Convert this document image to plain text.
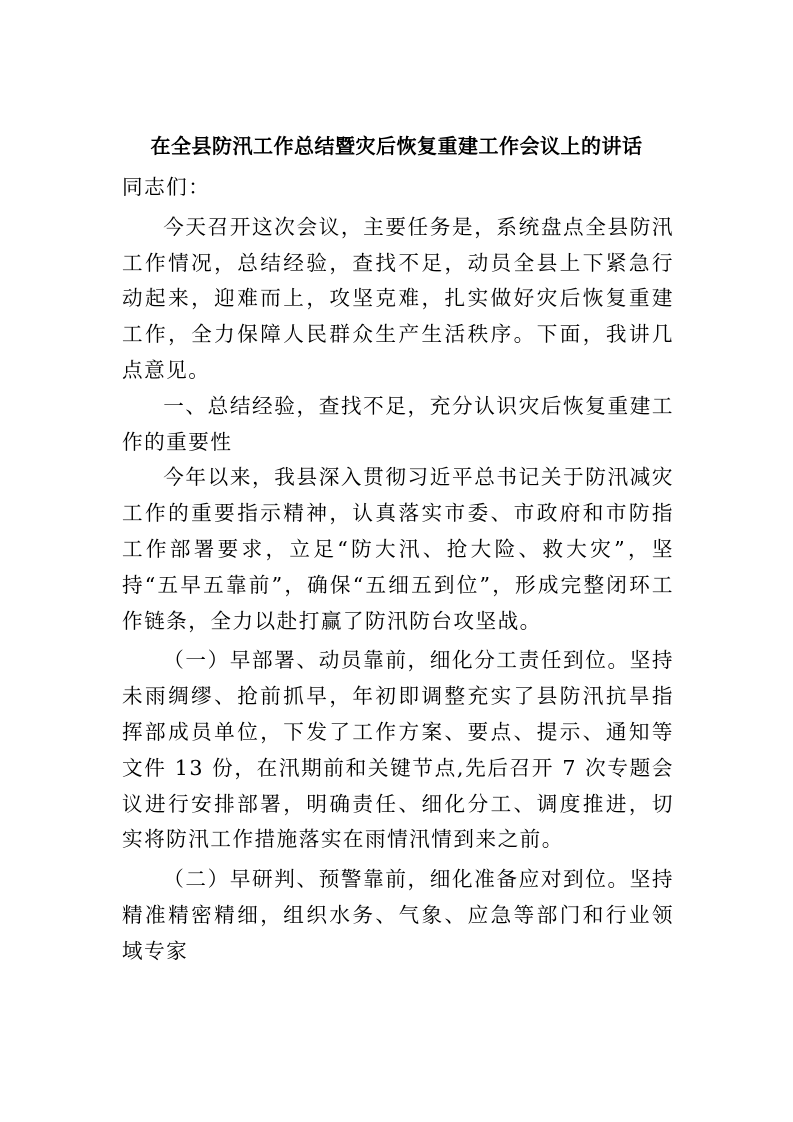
在全县防汛工作总结暨灾后恢复重建工作会议上的讲话

同志们：

今天召开这次会议，主要任务是，系统盘点全县防汛工作情况，总结经验，查找不足，动员全县上下紧急行动起来，迎难而上，攻坚克难，扎实做好灾后恢复重建工作，全力保障人民群众生产生活秩序。下面，我讲几点意见。

一、总结经验，查找不足，充分认识灾后恢复重建工作的重要性

今年以来，我县深入贯彻习近平总书记关于防汛减灾工作的重要指示精神，认真落实市委、市政府和市防指工作部署要求，立足“防大汛、抢大险、救大灾”，坚持“五早五靠前”，确保“五细五到位”，形成完整闭环工作链条，全力以赴打赢了防汛防台攻坚战。

（一）早部署、动员靠前，细化分工责任到位。坚持未雨绸缪、抢前抓早，年初即调整充实了县防汛抗旱指挥部成员单位，下发了工作方案、要点、提示、通知等文件 13 份，在汛期前和关键节点,先后召开 7 次专题会议进行安排部署，明确责任、细化分工、调度推进，切实将防汛工作措施落实在雨情汛情到来之前。

（二）早研判、预警靠前，细化准备应对到位。坚持精准精密精细，组织水务、气象、应急等部门和行业领域专家
